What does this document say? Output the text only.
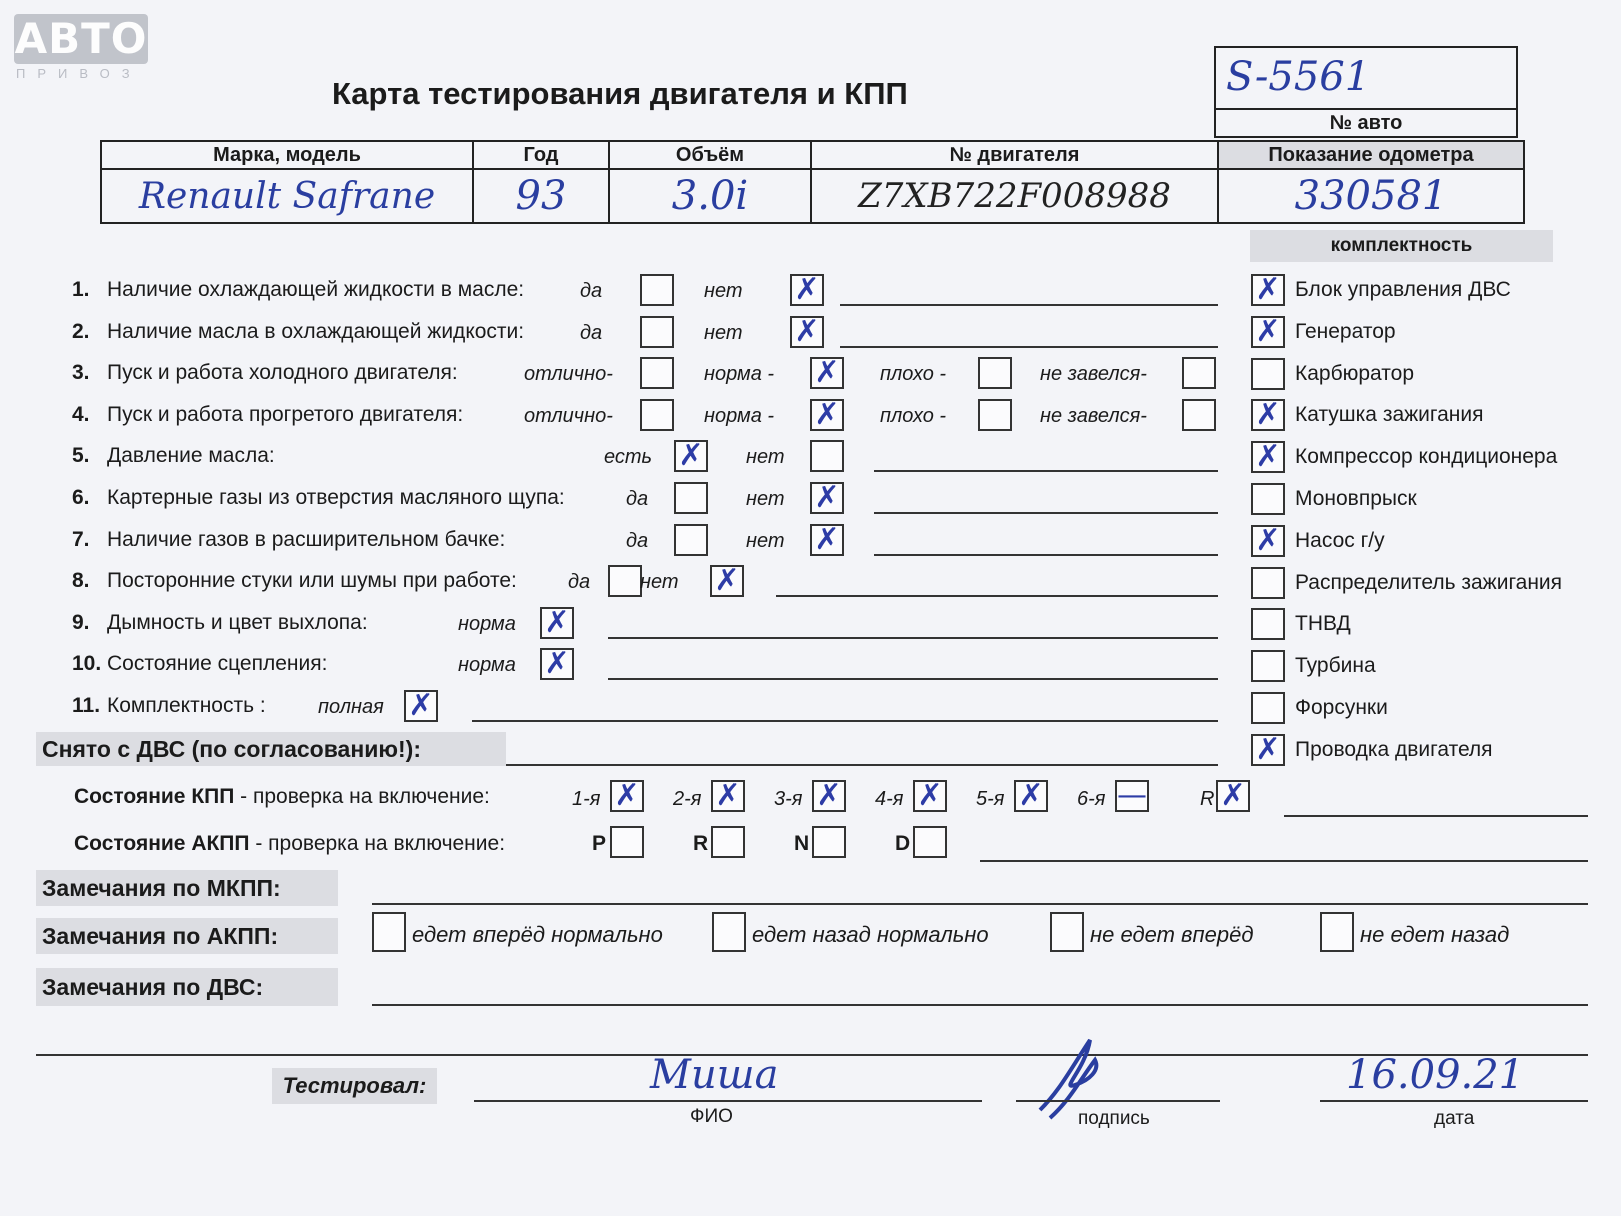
АВТО
ПРИВОЗ
Карта тестирования двигателя и КПП	S-5561
№ авто
Марка, модель	Год	Объём	№ двигателя	Показание одометра
Renault Safrane	93	3.0i	Z7XB722F008988	330581
комплектность
✗ Блок управления ДВС
✗ Генератор
Карбюратор
✗ Катушка зажигания
✗ Компрессор кондиционера
Моновпрыск
✗ Насос г/у
Распределитель зажигания
ТНВД
Турбина
Форсунки
✗ Проводка двигателя
1. Наличие охлаждающей жидкости в масле:	да	нет ✗
2. Наличие масла в охлаждающей жидкости:	да	нет ✗
3. Пуск и работа холодного двигателя:	отлично-	норма - ✗ плохо -	не завелся-
4. Пуск и работа прогретого двигателя:	отлично-	норма - ✗ плохо -	не завелся-
5. Давление масла:	есть ✗ нет
6. Картерные газы из отверстия масляного щупа:	да	нет ✗
7. Наличие газов в расширительном бачке:	да	нет ✗
8. Посторонние стуки или шумы при работе:	да нет ✗
9. Дымность и цвет выхлопа:	норма ✗
10. Состояние сцепления:	норма ✗
11. Комплектность :	полная ✗
Снято с ДВС (по согласованию!):
Состояние КПП - проверка на включение:	1-я ✗ 2-я ✗ 3-я ✗ 4-я ✗ 5-я ✗ 6-я —	R ✗
Состояние АКПП - проверка на включение:	P	R	N	D
Замечания по МКПП:
Замечания по АКПП:	едет вперёд нормально	едет назад нормально	не едет вперёд	не едет назад
Замечания по ДВС:
Тестировал:	Миша
ФИО	подпись
16.09.21
дата
